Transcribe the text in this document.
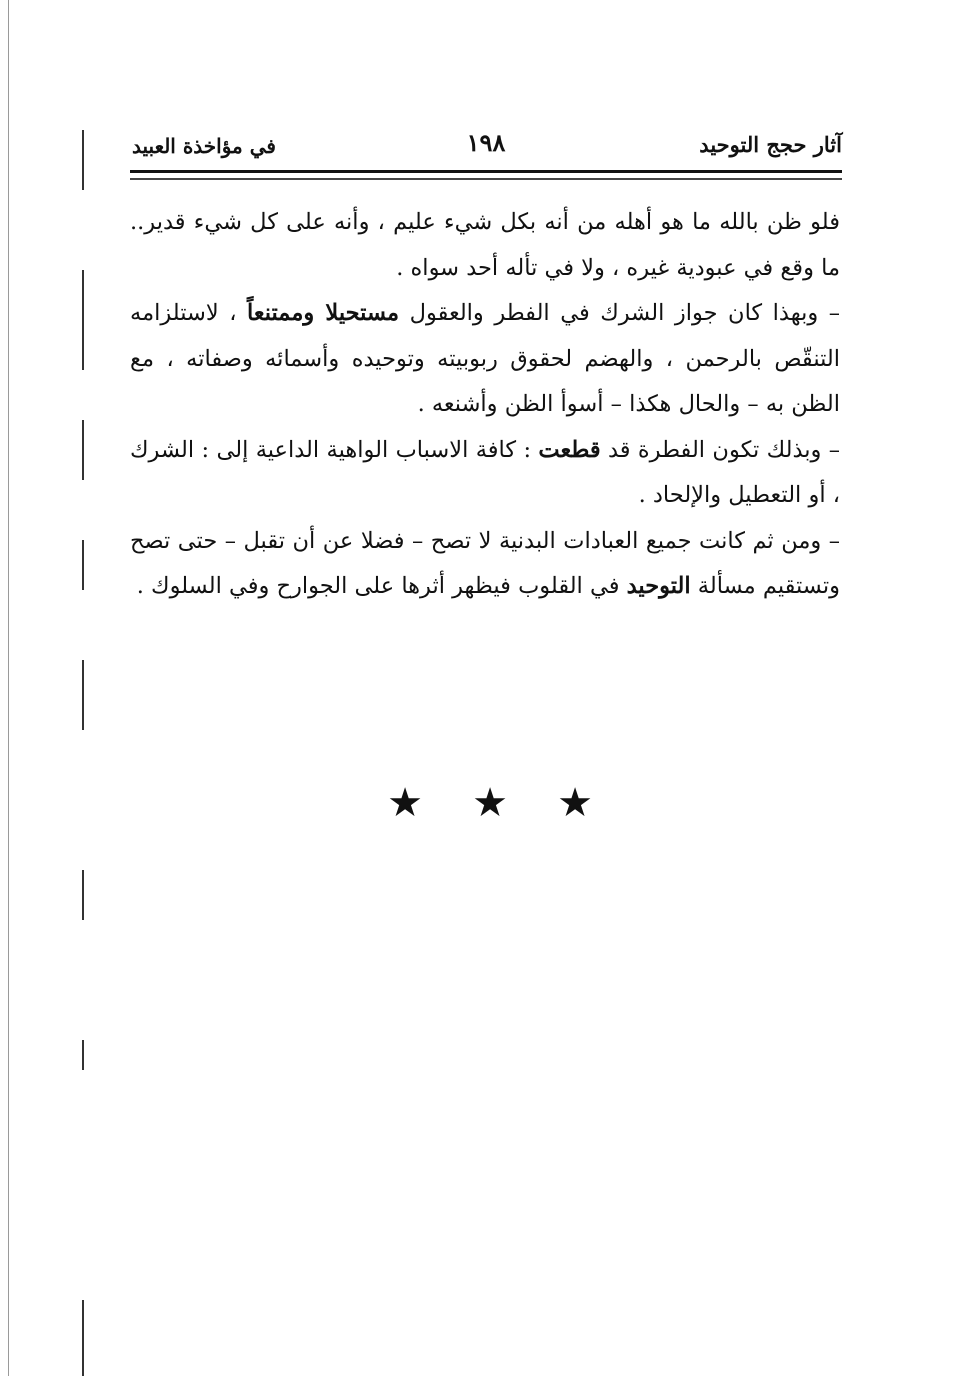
آثار حجج التوحيد
١٩٨
في مؤاخذة العبيد

فلو ظن بالله ما هو أهله من أنه بكل شيء عليم ، وأنه على كل شيء قدير.. ما وقع في عبودية غيره ، ولا في تأله أحد سواه .

– وبهذا كان جواز الشرك في الفطر والعقول مستحيلا وممتنعاً ، لاستلزامه التنقّص بالرحمن ، والهضم لحقوق ربوبيته وتوحيده وأسمائه وصفاته ، مع الظن به – والحال هكذا – أسوأ الظن وأشنعه .

– وبذلك تكون الفطرة قد قطعت : كافة الاسباب الواهية الداعية إلى : الشرك ، أو التعطيل والإلحاد .

– ومن ثم كانت جميع العبادات البدنية لا تصح – فضلا عن أن تقبل – حتى تصح وتستقيم مسألة التوحيد في القلوب فيظهر أثرها على الجوارح وفي السلوك .

★ ★ ★
